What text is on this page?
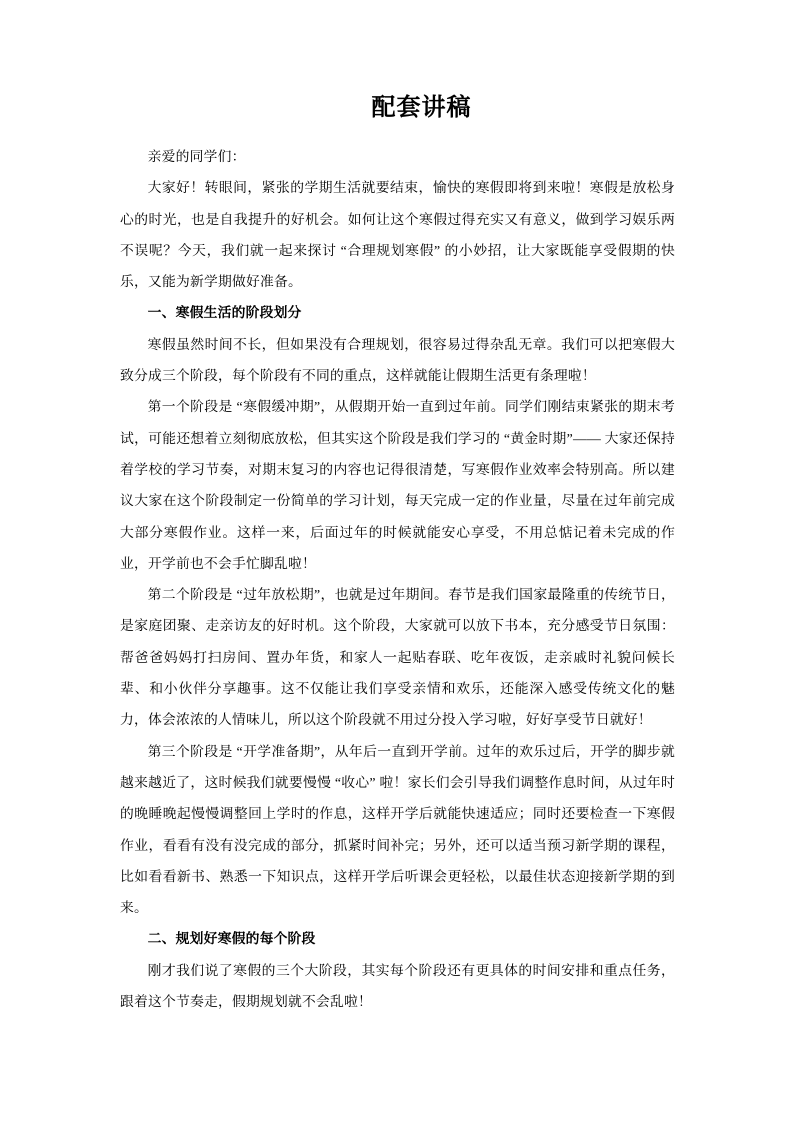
配套讲稿

亲爱的同学们：

大家好！转眼间，紧张的学期生活就要结束，愉快的寒假即将到来啦！寒假是放松身心的时光，也是自我提升的好机会。如何让这个寒假过得充实又有意义，做到学习娱乐两不误呢？今天，我们就一起来探讨 “合理规划寒假” 的小妙招，让大家既能享受假期的快乐，又能为新学期做好准备。

一、寒假生活的阶段划分

寒假虽然时间不长，但如果没有合理规划，很容易过得杂乱无章。我们可以把寒假大致分成三个阶段，每个阶段有不同的重点，这样就能让假期生活更有条理啦！

第一个阶段是 “寒假缓冲期”，从假期开始一直到过年前。同学们刚结束紧张的期末考试，可能还想着立刻彻底放松，但其实这个阶段是我们学习的 “黄金时期”—— 大家还保持着学校的学习节奏，对期末复习的内容也记得很清楚，写寒假作业效率会特别高。所以建议大家在这个阶段制定一份简单的学习计划，每天完成一定的作业量，尽量在过年前完成大部分寒假作业。这样一来，后面过年的时候就能安心享受，不用总惦记着未完成的作业，开学前也不会手忙脚乱啦！

第二个阶段是 “过年放松期”，也就是过年期间。春节是我们国家最隆重的传统节日，是家庭团聚、走亲访友的好时机。这个阶段，大家就可以放下书本，充分感受节日氛围：帮爸爸妈妈打扫房间、置办年货，和家人一起贴春联、吃年夜饭，走亲戚时礼貌问候长辈、和小伙伴分享趣事。这不仅能让我们享受亲情和欢乐，还能深入感受传统文化的魅力，体会浓浓的人情味儿，所以这个阶段就不用过分投入学习啦，好好享受节日就好！

第三个阶段是 “开学准备期”，从年后一直到开学前。过年的欢乐过后，开学的脚步就越来越近了，这时候我们就要慢慢 “收心” 啦！家长们会引导我们调整作息时间，从过年时的晚睡晚起慢慢调整回上学时的作息，这样开学后就能快速适应；同时还要检查一下寒假作业，看看有没有没完成的部分，抓紧时间补完；另外，还可以适当预习新学期的课程，比如看看新书、熟悉一下知识点，这样开学后听课会更轻松，以最佳状态迎接新学期的到来。

二、规划好寒假的每个阶段

刚才我们说了寒假的三个大阶段，其实每个阶段还有更具体的时间安排和重点任务，跟着这个节奏走，假期规划就不会乱啦！
